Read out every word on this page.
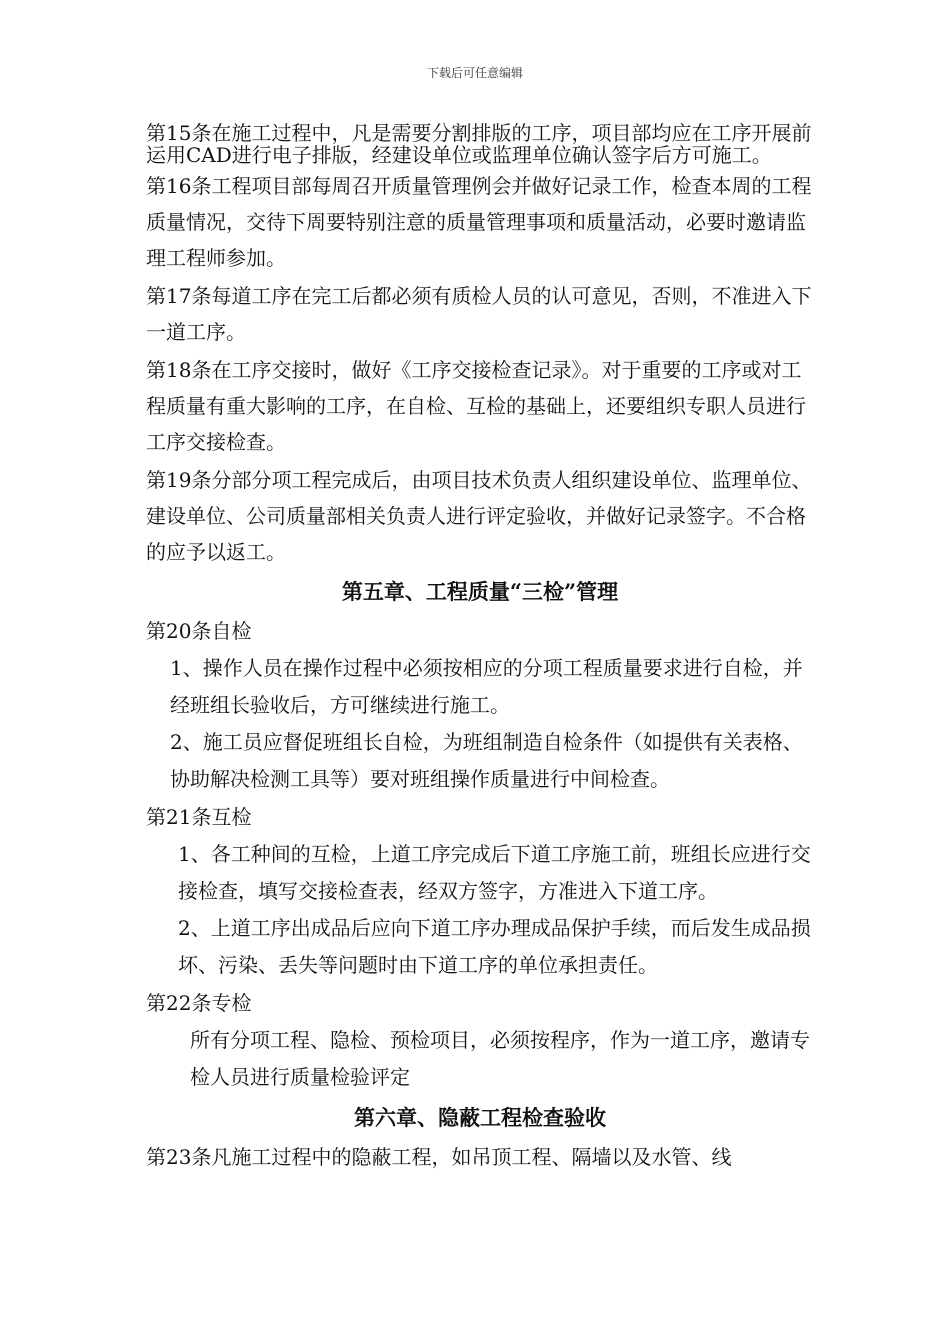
下载后可任意编辑

第15条在施工过程中，凡是需要分割排版的工序，项目部均应在工序开展前运用CAD进行电子排版，经建设单位或监理单位确认签字后方可施工。

第16条工程项目部每周召开质量管理例会并做好记录工作，检查本周的工程质量情况，交待下周要特别注意的质量管理事项和质量活动，必要时邀请监理工程师参加。

第17条每道工序在完工后都必须有质检人员的认可意见，否则，不准进入下一道工序。

第18条在工序交接时，做好《工序交接检查记录》。对于重要的工序或对工程质量有重大影响的工序，在自检、互检的基础上，还要组织专职人员进行工序交接检查。

第19条分部分项工程完成后，由项目技术负责人组织建设单位、监理单位、建设单位、公司质量部相关负责人进行评定验收，并做好记录签字。不合格的应予以返工。

第五章、工程质量“三检”管理

第20条自检

1、操作人员在操作过程中必须按相应的分项工程质量要求进行自检，并经班组长验收后，方可继续进行施工。

2、施工员应督促班组长自检，为班组制造自检条件（如提供有关表格、协助解决检测工具等）要对班组操作质量进行中间检查。

第21条互检

1、各工种间的互检，上道工序完成后下道工序施工前，班组长应进行交接检查，填写交接检查表，经双方签字，方准进入下道工序。

2、上道工序出成品后应向下道工序办理成品保护手续，而后发生成品损坏、污染、丢失等问题时由下道工序的单位承担责任。

第22条专检

所有分项工程、隐检、预检项目，必须按程序，作为一道工序，邀请专检人员进行质量检验评定

第六章、隐蔽工程检查验收

第23条凡施工过程中的隐蔽工程，如吊顶工程、隔墙以及水管、线
